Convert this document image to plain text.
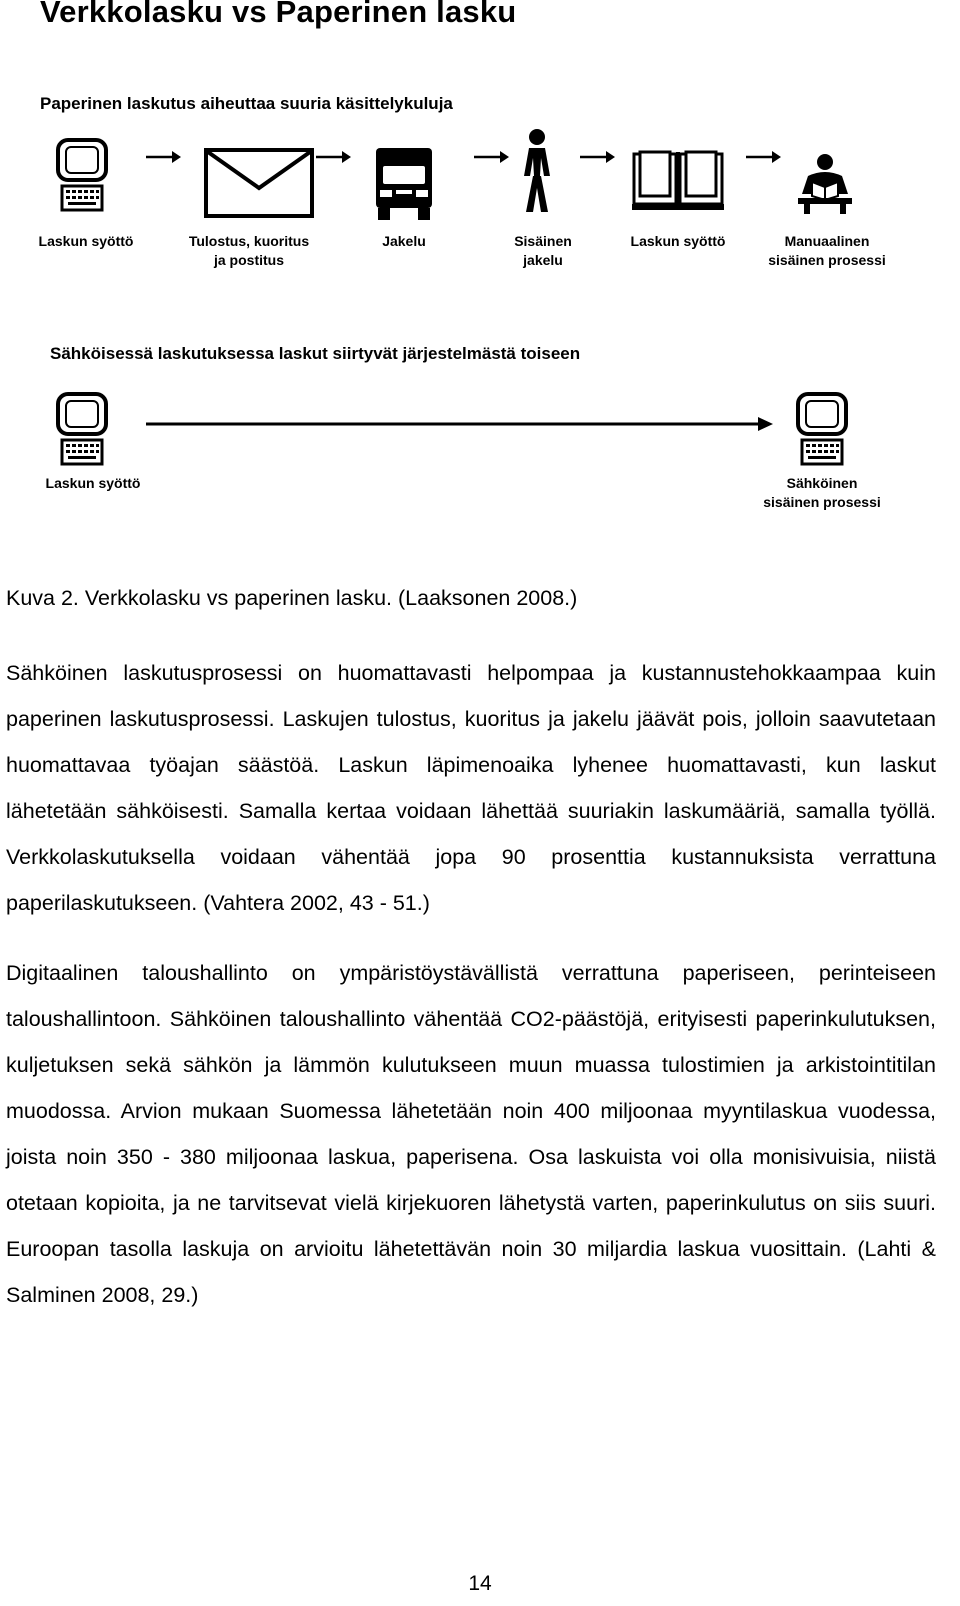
Verkkolasku vs Paperinen lasku
Paperinen laskutus aiheuttaa suuria käsittelykuluja
Laskun syöttö	Tulostus, kuoritus
ja postitus
Jakelu	Sisäinen
jakelu
Laskun syöttö	Manuaalinen
sisäinen prosessi
Sähköisessä laskutuksessa laskut siirtyvät järjestelmästä toiseen
Laskun syöttö	Sähköinen
sisäinen prosessi
Kuva 2. Verkkolasku vs paperinen lasku. (Laaksonen 2008.)

Sähköinen laskutusprosessi on huomattavasti helpompaa ja kustannustehokkaampaa kuin paperinen laskutusprosessi. Laskujen tulostus, kuoritus ja jakelu jäävät pois, jolloin saavutetaan huomattavaa työajan säästöä. Laskun läpimenoaika lyhenee huomattavasti, kun laskut lähetetään sähköisesti. Samalla kertaa voidaan lähettää suuriakin laskumääriä, samalla työllä. Verkkolaskutuksella voidaan vähentää jopa 90 prosenttia kustannuksista verrattuna paperilaskutukseen. (Vahtera 2002, 43 - 51.)

Digitaalinen taloushallinto on ympäristöystävällistä verrattuna paperiseen, perinteiseen taloushallintoon. Sähköinen taloushallinto vähentää CO2-päästöjä, erityisesti paperinkulutuksen, kuljetuksen sekä sähkön ja lämmön kulutukseen muun muassa tulostimien ja arkistointitilan muodossa. Arvion mukaan Suomessa lähetetään noin 400 miljoonaa myyntilaskua vuodessa, joista noin 350 - 380 miljoonaa laskua, paperisena. Osa laskuista voi olla monisivuisia, niistä otetaan kopioita, ja ne tarvitsevat vielä kirjekuoren lähetystä varten, paperinkulutus on siis suuri. Euroopan tasolla laskuja on arvioitu lähetettävän noin 30 miljardia laskua vuosittain. (Lahti & Salminen 2008, 29.)

14
